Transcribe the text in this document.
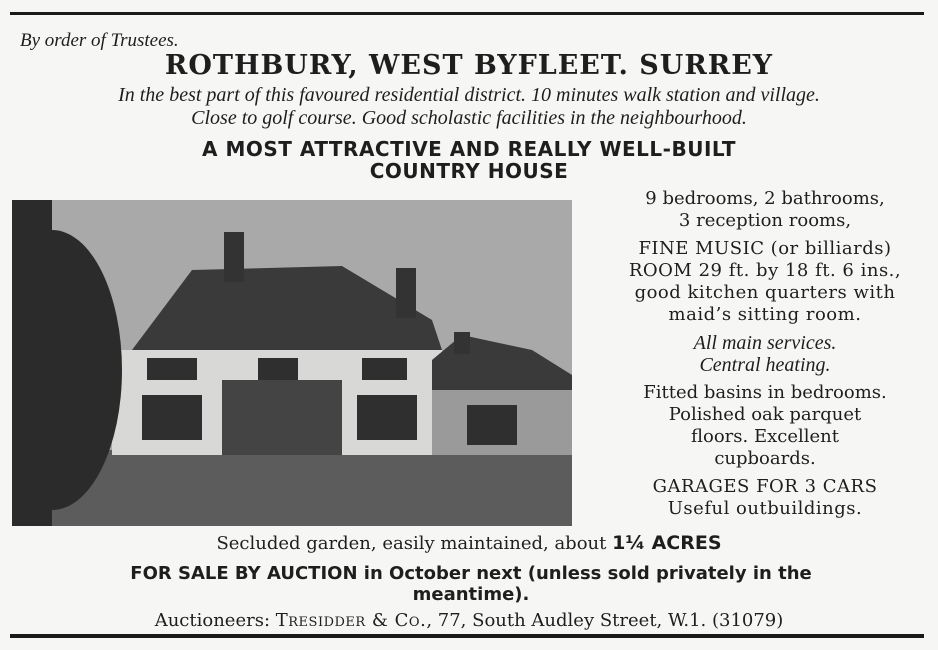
By order of Trustees.
ROTHBURY, WEST BYFLEET. SURREY
In the best part of this favoured residential district. 10 minutes walk station and village.
Close to golf course. Good scholastic facilities in the neighbourhood.
A MOST ATTRACTIVE AND REALLY WELL-BUILT
COUNTRY HOUSE

9 bedrooms, 2 bathrooms,

3 reception rooms,

FINE MUSIC (or billiards)

ROOM 29 ft. by 18 ft. 6 ins.,

good kitchen quarters with

maid’s sitting room.

All main services.

Central heating.

Fitted basins in bedrooms.

Polished oak parquet

floors. Excellent

cupboards.

GARAGES FOR 3 CARS

Useful outbuildings.

Secluded garden, easily maintained, about 1¼ ACRES
FOR SALE BY AUCTION in October next (unless sold privately in the
meantime).
Auctioneers: Tresidder & Co., 77, South Audley Street, W.1. (31079)
